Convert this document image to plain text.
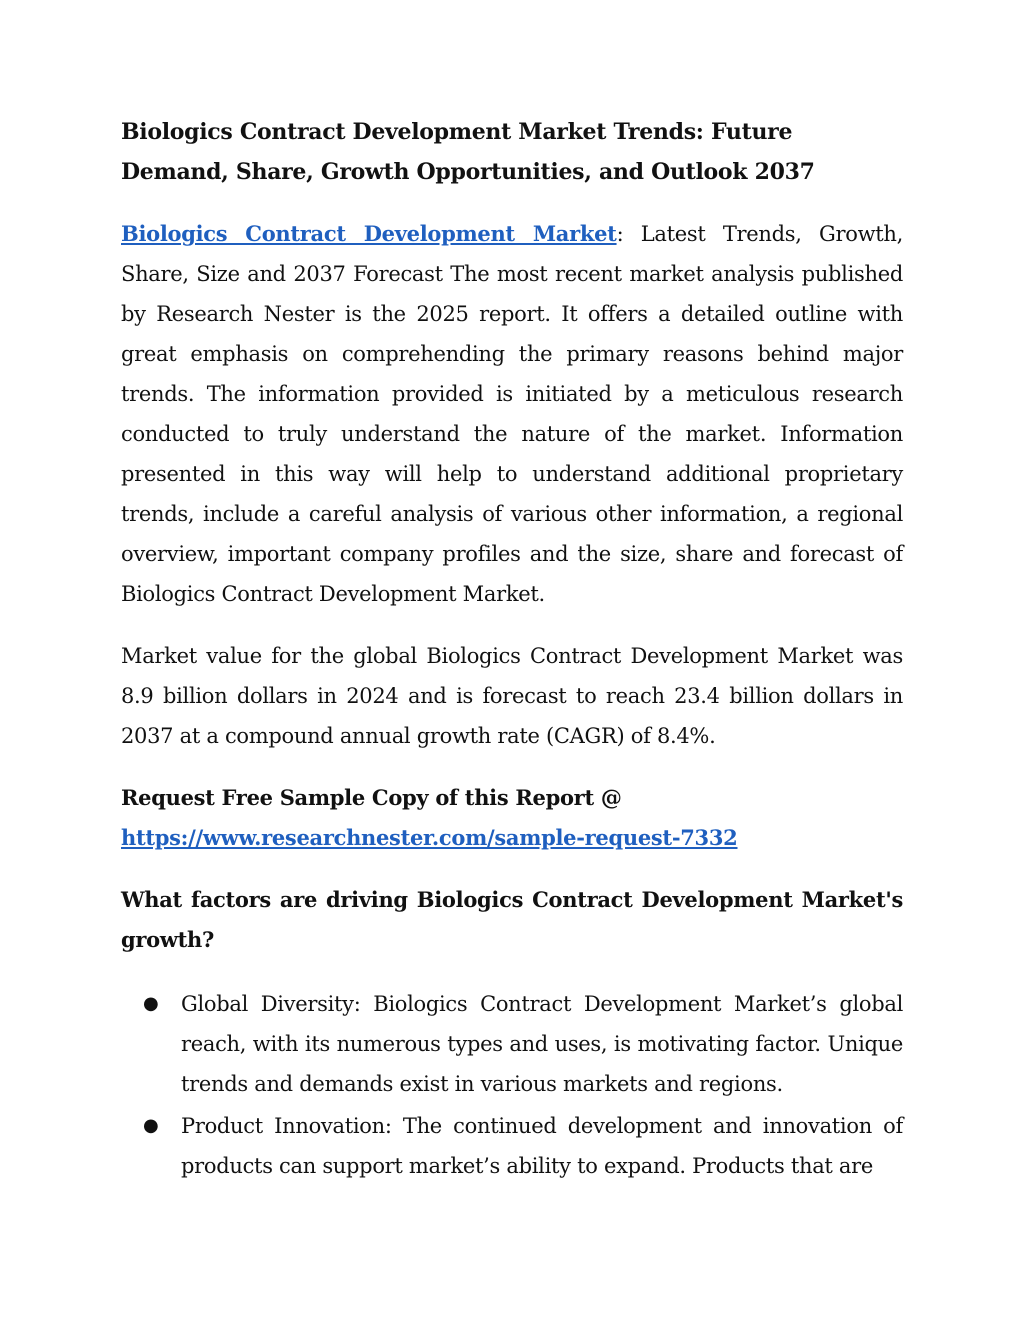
Biologics Contract Development Market Trends: Future Demand, Share, Growth Opportunities, and Outlook 2037

Biologics Contract Development Market: Latest Trends, Growth, Share, Size and 2037 Forecast The most recent market analysis published by Research Nester is the 2025 report. It offers a detailed outline with great emphasis on comprehending the primary reasons behind major trends. The information provided is initiated by a meticulous research conducted to truly understand the nature of the market. Information presented in this way will help to understand additional proprietary trends, include a careful analysis of various other information, a regional overview, important company profiles and the size, share and forecast of Biologics Contract Development Market.

Market value for the global Biologics Contract Development Market was 8.9 billion dollars in 2024 and is forecast to reach 23.4 billion dollars in 2037 at a compound annual growth rate (CAGR) of 8.4%.

Request Free Sample Copy of this Report @
https://www.researchnester.com/sample-request-7332

What factors are driving Biologics Contract Development Market's growth?

● Global Diversity: Biologics Contract Development Market’s global reach, with its numerous types and uses, is motivating factor. Unique trends and demands exist in various markets and regions.
● Product Innovation: The continued development and innovation of products can support market’s ability to expand. Products that are
